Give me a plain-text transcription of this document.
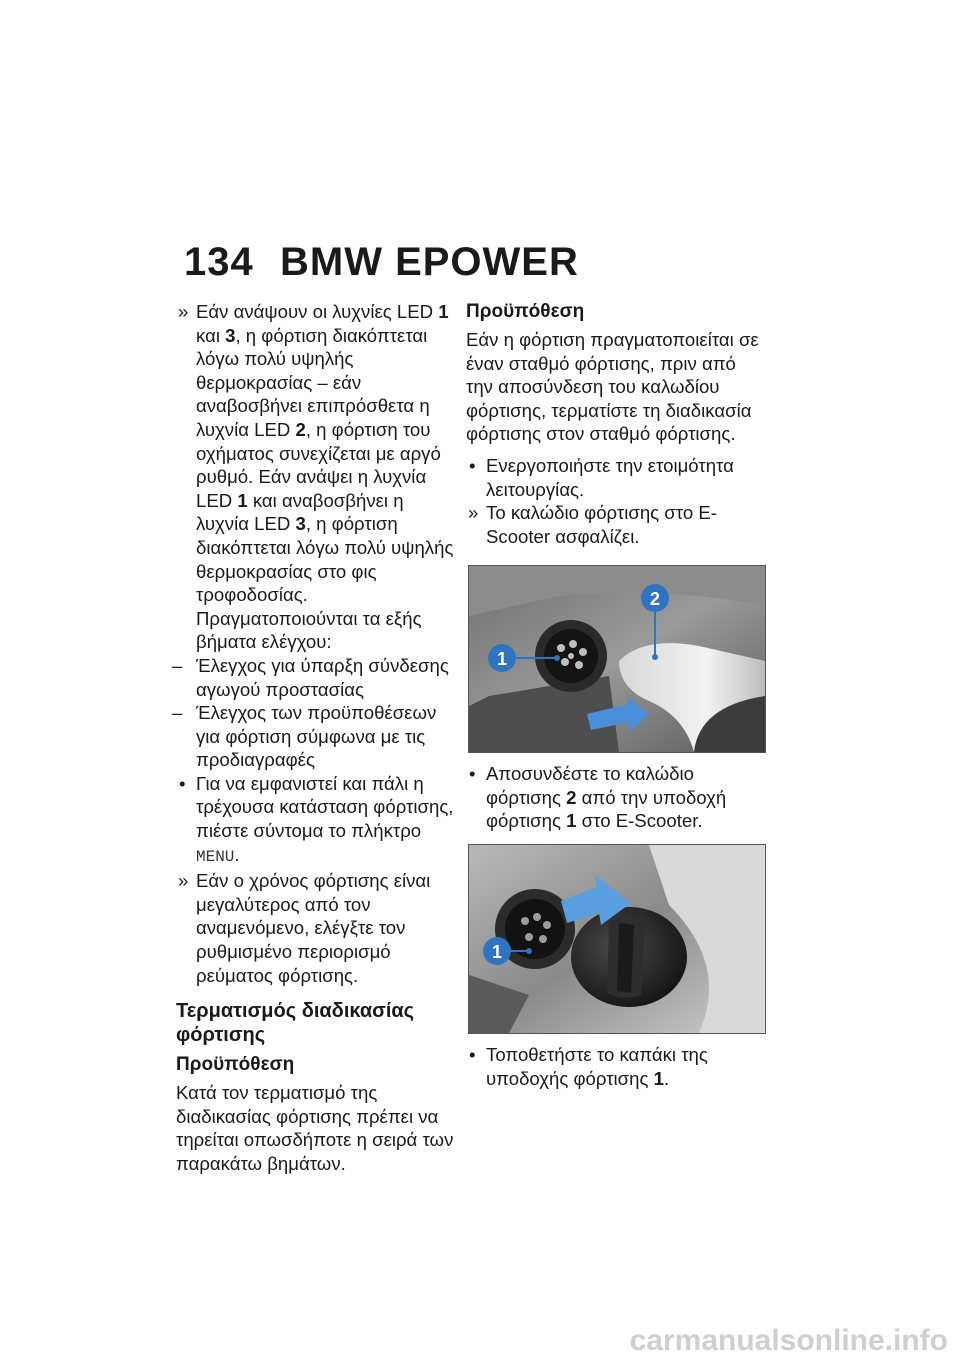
134 BMW EPOWER
» Εάν ανάψουν οι λυχνίες LED 1 και 3, η φόρτιση διακόπτεται λόγω πολύ υψηλής θερμοκρασίας – εάν αναβοσβήνει επιπρόσθετα η λυχνία LED 2, η φόρτιση του οχήματος συνεχίζεται με αργό ρυθμό. Εάν ανάψει η λυχνία LED 1 και αναβοσβήνει η λυχνία LED 3, η φόρτιση διακόπτεται λόγω πολύ υψηλής θερμοκρασίας στο φις τροφοδοσίας. Πραγματοποιούνται τα εξής βήματα ελέγχου:
– Έλεγχος για ύπαρξη σύνδεσης αγωγού προστασίας
– Έλεγχος των προϋποθέσεων για φόρτιση σύμφωνα με τις προδιαγραφές
• Για να εμφανιστεί και πάλι η τρέχουσα κατάσταση φόρτισης, πιέστε σύντομα το πλήκτρο MENU.
» Εάν ο χρόνος φόρτισης είναι μεγαλύτερος από τον αναμενόμενο, ελέγξτε τον ρυθμισμένο περιορισμό ρεύματος φόρτισης.
Τερματισμός διαδικασίας φόρτισης
Προϋπόθεση

Κατά τον τερματισμό της διαδικασίας φόρτισης πρέπει να τηρείται οπωσδήποτε η σειρά των παρακάτω βημάτων.

Προϋπόθεση

Εάν η φόρτιση πραγματοποιείται σε έναν σταθμό φόρτισης, πριν από την αποσύνδεση του καλωδίου φόρτισης, τερματίστε τη διαδικασία φόρτισης στον σταθμό φόρτισης.

• Ενεργοποιήστε την ετοιμότητα λειτουργίας.
» Το καλώδιο φόρτισης στο E-Scooter ασφαλίζει.
1
2
• Αποσυνδέστε το καλώδιο φόρτισης 2 από την υποδοχή φόρτισης 1 στο E-Scooter.
1
• Τοποθετήστε το καπάκι της υποδοχής φόρτισης 1.
carmanualsonline.info
